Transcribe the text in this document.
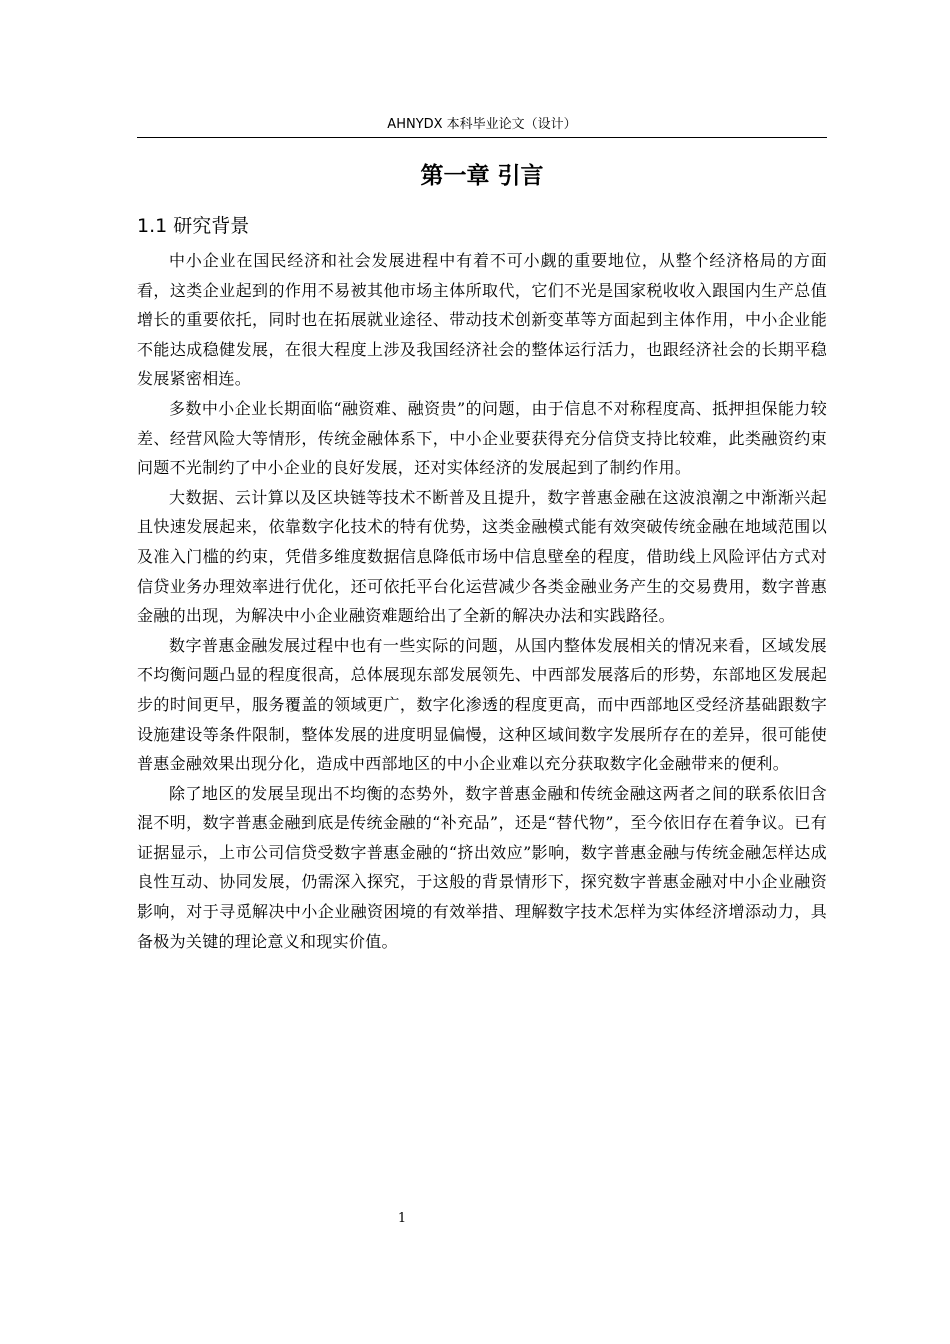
AHNYDX 本科毕业论文（设计）
第一章 引言
1.1 研究背景

中小企业在国民经济和社会发展进程中有着不可小觑的重要地位，从整个经济格局的方面看，这类企业起到的作用不易被其他市场主体所取代，它们不光是国家税收收入跟国内生产总值增长的重要依托，同时也在拓展就业途径、带动技术创新变革等方面起到主体作用，中小企业能不能达成稳健发展，在很大程度上涉及我国经济社会的整体运行活力，也跟经济社会的长期平稳发展紧密相连。

多数中小企业长期面临“融资难、融资贵”的问题，由于信息不对称程度高、抵押担保能力较差、经营风险大等情形，传统金融体系下，中小企业要获得充分信贷支持比较难，此类融资约束问题不光制约了中小企业的良好发展，还对实体经济的发展起到了制约作用。

大数据、云计算以及区块链等技术不断普及且提升，数字普惠金融在这波浪潮之中渐渐兴起且快速发展起来，依靠数字化技术的特有优势，这类金融模式能有效突破传统金融在地域范围以及准入门槛的约束，凭借多维度数据信息降低市场中信息壁垒的程度，借助线上风险评估方式对信贷业务办理效率进行优化，还可依托平台化运营减少各类金融业务产生的交易费用，数字普惠金融的出现，为解决中小企业融资难题给出了全新的解决办法和实践路径。

数字普惠金融发展过程中也有一些实际的问题，从国内整体发展相关的情况来看，区域发展不均衡问题凸显的程度很高，总体展现东部发展领先、中西部发展落后的形势，东部地区发展起步的时间更早，服务覆盖的领域更广，数字化渗透的程度更高，而中西部地区受经济基础跟数字设施建设等条件限制，整体发展的进度明显偏慢，这种区域间数字发展所存在的差异，很可能使普惠金融效果出现分化，造成中西部地区的中小企业难以充分获取数字化金融带来的便利。

除了地区的发展呈现出不均衡的态势外，数字普惠金融和传统金融这两者之间的联系依旧含混不明，数字普惠金融到底是传统金融的“补充品”，还是“替代物”，至今依旧存在着争议。已有证据显示，上市公司信贷受数字普惠金融的“挤出效应”影响，数字普惠金融与传统金融怎样达成良性互动、协同发展，仍需深入探究，于这般的背景情形下，探究数字普惠金融对中小企业融资影响，对于寻觅解决中小企业融资困境的有效举措、理解数字技术怎样为实体经济增添动力，具备极为关键的理论意义和现实价值。

1
